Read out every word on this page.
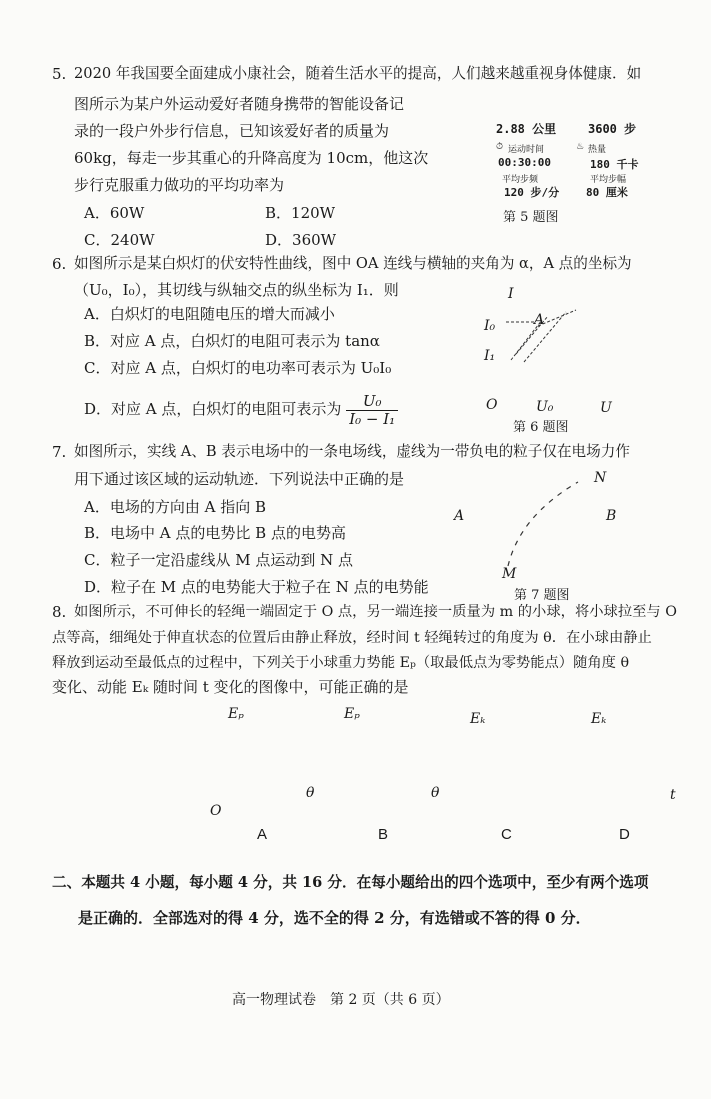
5. 2020 年我国要全面建成小康社会，随着生活水平的提高，人们越来越重视身体健康．如
图所示为某户外运动爱好者随身携带的智能设备记
录的一段户外步行信息，已知该爱好者的质量为
60kg，每走一步其重心的升降高度为 10cm，他这次
步行克服重力做功的平均功率为
A．60W	B．120W
C．240W	D．360W
2.88 公里	3600 步
⏱ 运动时间	♨ 热量
00:30:00	180 千卡
平均步频	平均步幅
120 步/分 80 厘米
第 5 题图
6. 如图所示是某白炽灯的伏安特性曲线，图中 OA 连线与横轴的夹角为 α，A 点的坐标为
（U₀，I₀），其切线与纵轴交点的纵坐标为 I₁．则
A．白炽灯的电阻随电压的增大而减小
B．对应 A 点，白炽灯的电阻可表示为 tanα
C．对应 A 点，白炽灯的电功率可表示为 U₀I₀
D．对应 A 点，白炽灯的电阻可表示为 $\frac{\text{U₀}}{\text{I₀ − I₁}}$
I
I₀	A
I₁
O	U₀	U
第 6 题图
7. 如图所示，实线 A、B 表示电场中的一条电场线，虚线为一带负电的粒子仅在电场力作
用下通过该区域的运动轨迹．下列说法中正确的是
A．电场的方向由 A 指向 B
B．电场中 A 点的电势比 B 点的电势高
C．粒子一定沿虚线从 M 点运动到 N 点
D．粒子在 M 点的电势能大于粒子在 N 点的电势能
N
A	B
M
第 7 题图
8. 如图所示，不可伸长的轻绳一端固定于 O 点，另一端连接一质量为 m 的小球，将小球拉至与 O
点等高，细绳处于伸直状态的位置后由静止释放，经时间 t 轻绳转过的角度为 θ．在小球由静止
释放到运动至最低点的过程中，下列关于小球重力势能 Eₚ（取最低点为零势能点）随角度 θ
变化、动能 Eₖ 随时间 t 变化的图像中，可能正确的是
Eₚ	Eₚ	Eₖ	Eₖ
θ	θ	t
O
A	B	C	D
二、本题共 4 小题，每小题 4 分，共 16 分．在每小题给出的四个选项中，至少有两个选项
是正确的．全部选对的得 4 分，选不全的得 2 分，有选错或不答的得 0 分．
高一物理试卷　第 2 页（共 6 页）
